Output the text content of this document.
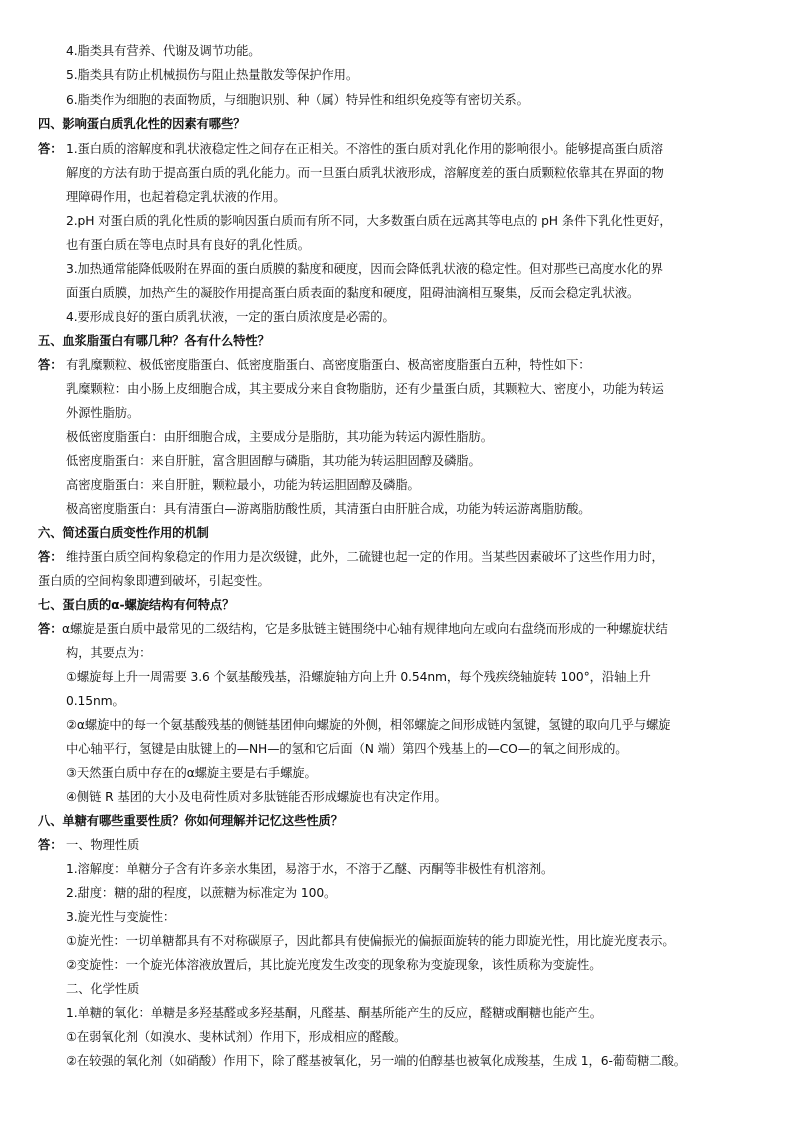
4.脂类具有营养、代谢及调节功能。
5.脂类具有防止机械损伤与阻止热量散发等保护作用。
6.脂类作为细胞的表面物质，与细胞识别、种（属）特异性和组织免疫等有密切关系。
四、影响蛋白质乳化性的因素有哪些？
答： 1.蛋白质的溶解度和乳状液稳定性之间存在正相关。不溶性的蛋白质对乳化作用的影响很小。能够提高蛋白质溶
解度的方法有助于提高蛋白质的乳化能力。而一旦蛋白质乳状液形成，溶解度差的蛋白质颗粒依靠其在界面的物
理障碍作用，也起着稳定乳状液的作用。
2.pH 对蛋白质的乳化性质的影响因蛋白质而有所不同，大多数蛋白质在远离其等电点的 pH 条件下乳化性更好，
也有蛋白质在等电点时具有良好的乳化性质。
3.加热通常能降低吸附在界面的蛋白质膜的黏度和硬度，因而会降低乳状液的稳定性。但对那些已高度水化的界
面蛋白质膜，加热产生的凝胶作用提高蛋白质表面的黏度和硬度，阻碍油滴相互聚集，反而会稳定乳状液。
4.要形成良好的蛋白质乳状液，一定的蛋白质浓度是必需的。
五、血浆脂蛋白有哪几种？各有什么特性？
答： 有乳糜颗粒、极低密度脂蛋白、低密度脂蛋白、高密度脂蛋白、极高密度脂蛋白五种，特性如下：
乳糜颗粒：由小肠上皮细胞合成，其主要成分来自食物脂肪，还有少量蛋白质，其颗粒大、密度小，功能为转运
外源性脂肪。
极低密度脂蛋白：由肝细胞合成，主要成分是脂肪，其功能为转运内源性脂肪。
低密度脂蛋白：来自肝脏，富含胆固醇与磷脂，其功能为转运胆固醇及磷脂。
高密度脂蛋白：来自肝脏，颗粒最小，功能为转运胆固醇及磷脂。
极高密度脂蛋白：具有清蛋白—游离脂肪酸性质，其清蛋白由肝脏合成，功能为转运游离脂肪酸。
六、简述蛋白质变性作用的机制
答： 维持蛋白质空间构象稳定的作用力是次级键，此外，二硫键也起一定的作用。当某些因素破坏了这些作用力时，
蛋白质的空间构象即遭到破坏，引起变性。
七、蛋白质的α-螺旋结构有何特点？
答： α螺旋是蛋白质中最常见的二级结构，它是多肽链主链围绕中心轴有规律地向左或向右盘绕而形成的一种螺旋状结
构，其要点为：
①螺旋每上升一周需要 3.6 个氨基酸残基，沿螺旋轴方向上升 0.54nm，每个残疾绕轴旋转 100°，沿轴上升
0.15nm。
②α螺旋中的每一个氨基酸残基的侧链基团伸向螺旋的外侧，相邻螺旋之间形成链内氢键，氢键的取向几乎与螺旋
中心轴平行，氢键是由肽键上的—NH—的氢和它后面（N 端）第四个残基上的—CO—的氧之间形成的。
③天然蛋白质中存在的α螺旋主要是右手螺旋。
④侧链 R 基团的大小及电荷性质对多肽链能否形成螺旋也有决定作用。
八、单糖有哪些重要性质？你如何理解并记忆这些性质？
答： 一、物理性质
1.溶解度：单糖分子含有许多亲水集团，易溶于水，不溶于乙醚、丙酮等非极性有机溶剂。
2.甜度：糖的甜的程度，以蔗糖为标准定为 100。
3.旋光性与变旋性：
①旋光性：一切单糖都具有不对称碳原子，因此都具有使偏振光的偏振面旋转的能力即旋光性，用比旋光度表示。
②变旋性：一个旋光体溶液放置后，其比旋光度发生改变的现象称为变旋现象，该性质称为变旋性。
二、化学性质
1.单糖的氧化：单糖是多羟基醛或多羟基酮，凡醛基、酮基所能产生的反应，醛糖或酮糖也能产生。
①在弱氧化剂（如溴水、斐林试剂）作用下，形成相应的醛酸。
②在较强的氧化剂（如硝酸）作用下，除了醛基被氧化，另一端的伯醇基也被氧化成羧基，生成 1，6-葡萄糖二酸。
